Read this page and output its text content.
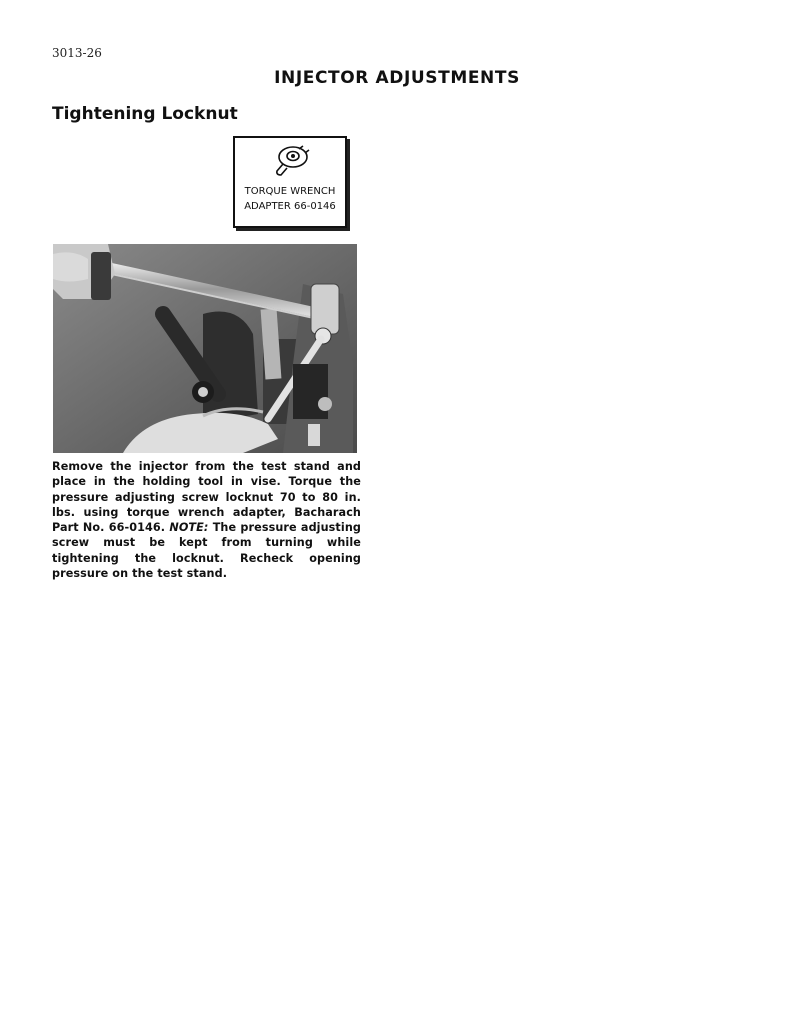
3013-26
INJECTOR ADJUSTMENTS
Tightening Locknut
TORQUE WRENCH
ADAPTER 66-0146

Remove the injector from the test stand and place in the holding tool in vise. Torque the pressure adjusting screw locknut 70 to 80 in. lbs. using torque wrench adapter, Bacharach Part No. 66-0146. NOTE: The pressure adjusting screw must be kept from turning while tightening the locknut. Recheck opening pressure on the test stand.
